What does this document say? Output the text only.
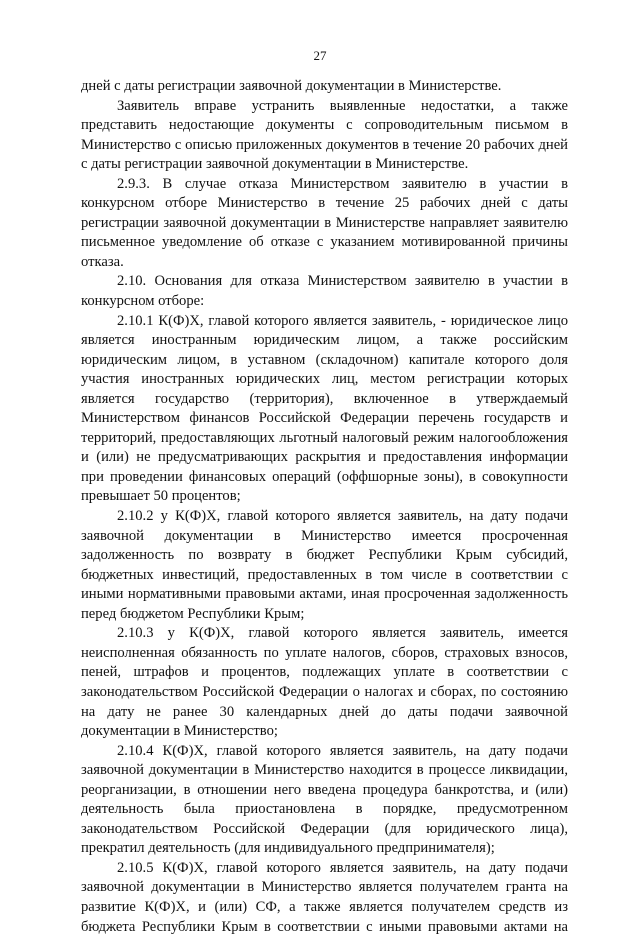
27

дней с даты регистрации заявочной документации в Министерстве.

Заявитель вправе устранить выявленные недостатки, а также представить недостающие документы с сопроводительным письмом в Министерство с описью приложенных документов в течение 20 рабочих дней с даты регистрации заявочной документации в Министерстве.

2.9.3. В случае отказа Министерством заявителю в участии в конкурсном отборе Министерство в течение 25 рабочих дней с даты регистрации заявочной документации в Министерстве направляет заявителю письменное уведомление об отказе с указанием мотивированной причины отказа.

2.10. Основания для отказа Министерством заявителю в участии в конкурсном отборе:

2.10.1 К(Ф)Х, главой которого является заявитель, - юридическое лицо является иностранным юридическим лицом, а также российским юридическим лицом, в уставном (складочном) капитале которого доля участия иностранных юридических лиц, местом регистрации которых является государство (территория), включенное в утверждаемый Министерством финансов Российской Федерации перечень государств и территорий, предоставляющих льготный налоговый режим налогообложения и (или) не предусматривающих раскрытия и предоставления информации при проведении финансовых операций (оффшорные зоны), в совокупности превышает 50 процентов;

2.10.2 у К(Ф)Х, главой которого является заявитель, на дату подачи заявочной документации в Министерство имеется просроченная задолженность по возврату в бюджет Республики Крым субсидий, бюджетных инвестиций, предоставленных в том числе в соответствии с иными нормативными правовыми актами, иная просроченная задолженность перед бюджетом Республики Крым;

2.10.3 у К(Ф)Х, главой которого является заявитель, имеется неисполненная обязанность по уплате налогов, сборов, страховых взносов, пеней, штрафов и процентов, подлежащих уплате в соответствии с законодательством Российской Федерации о налогах и сборах, по состоянию на дату не ранее 30 календарных дней до даты подачи заявочной документации в Министерство;

2.10.4 К(Ф)Х, главой которого является заявитель, на дату подачи заявочной документации в Министерство находится в процессе ликвидации, реорганизации, в отношении него введена процедура банкротства, и (или) деятельность была приостановлена в порядке, предусмотренном законодательством Российской Федерации (для юридического лица), прекратил деятельность (для индивидуального предпринимателя);

2.10.5 К(Ф)Х, главой которого является заявитель, на дату подачи заявочной документации в Министерство является получателем гранта на развитие К(Ф)Х, и (или) СФ, а также является получателем средств из бюджета Республики Крым в соответствии с иными правовыми актами на
